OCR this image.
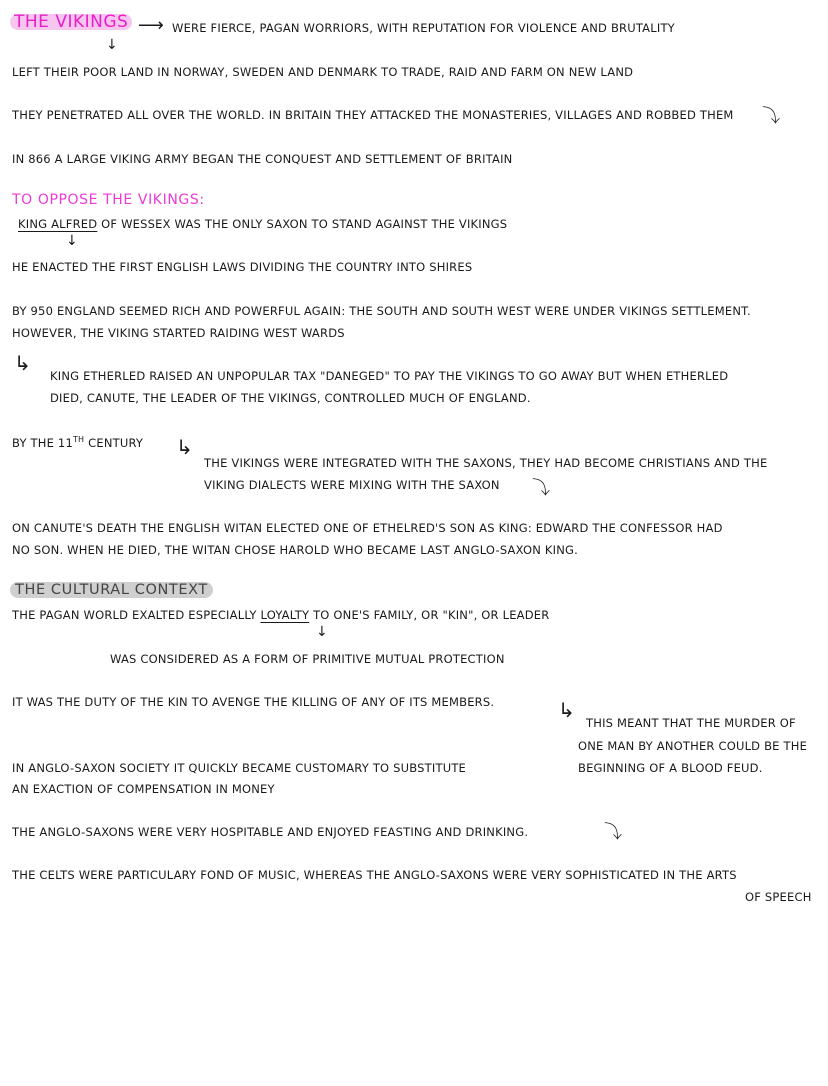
THE VIKINGS ⟶ WERE FIERCE, PAGAN WORRIORS, WITH REPUTATION FOR VIOLENCE AND BRUTALITY
↓
LEFT THEIR POOR LAND IN NORWAY, SWEDEN AND DENMARK TO TRADE, RAID AND FARM ON NEW LAND
THEY PENETRATED ALL OVER THE WORLD. IN BRITAIN THEY ATTACKED THE MONASTERIES, VILLAGES AND ROBBED THEM ⤵
IN 866 A LARGE VIKING ARMY BEGAN THE CONQUEST AND SETTLEMENT OF BRITAIN
TO OPPOSE THE VIKINGS:
KING ALFRED OF WESSEX WAS THE ONLY SAXON TO STAND AGAINST THE VIKINGS
↓
HE ENACTED THE FIRST ENGLISH LAWS DIVIDING THE COUNTRY INTO SHIRES
BY 950 ENGLAND SEEMED RICH AND POWERFUL AGAIN: THE SOUTH AND SOUTH WEST WERE UNDER VIKINGS SETTLEMENT.
HOWEVER, THE VIKING STARTED RAIDING WEST WARDS
↳
KING ETHERLED RAISED AN UNPOPULAR TAX "DANEGED" TO PAY THE VIKINGS TO GO AWAY BUT WHEN ETHERLED
DIED, CANUTE, THE LEADER OF THE VIKINGS, CONTROLLED MUCH OF ENGLAND.
BY THE 11TH CENTURY ↳
THE VIKINGS WERE INTEGRATED WITH THE SAXONS, THEY HAD BECOME CHRISTIANS AND THE
VIKING DIALECTS WERE MIXING WITH THE SAXON ⤵
ON CANUTE'S DEATH THE ENGLISH WITAN ELECTED ONE OF ETHELRED'S SON AS KING: EDWARD THE CONFESSOR HAD
NO SON. WHEN HE DIED, THE WITAN CHOSE HAROLD WHO BECAME LAST ANGLO-SAXON KING.
THE CULTURAL CONTEXT
THE PAGAN WORLD EXALTED ESPECIALLY LOYALTY TO ONE'S FAMILY, OR "KIN", OR LEADER
↓
WAS CONSIDERED AS A FORM OF PRIMITIVE MUTUAL PROTECTION
IT WAS THE DUTY OF THE KIN TO AVENGE THE KILLING OF ANY OF ITS MEMBERS.	↳
THIS MEANT THAT THE MURDER OF
ONE MAN BY ANOTHER COULD BE THE
BEGINNING OF A BLOOD FEUD.
IN ANGLO-SAXON SOCIETY IT QUICKLY BECAME CUSTOMARY TO SUBSTITUTE
AN EXACTION OF COMPENSATION IN MONEY
THE ANGLO-SAXONS WERE VERY HOSPITABLE AND ENJOYED FEASTING AND DRINKING.	⤵
THE CELTS WERE PARTICULARY FOND OF MUSIC, WHEREAS THE ANGLO-SAXONS WERE VERY SOPHISTICATED IN THE ARTS
OF SPEECH
